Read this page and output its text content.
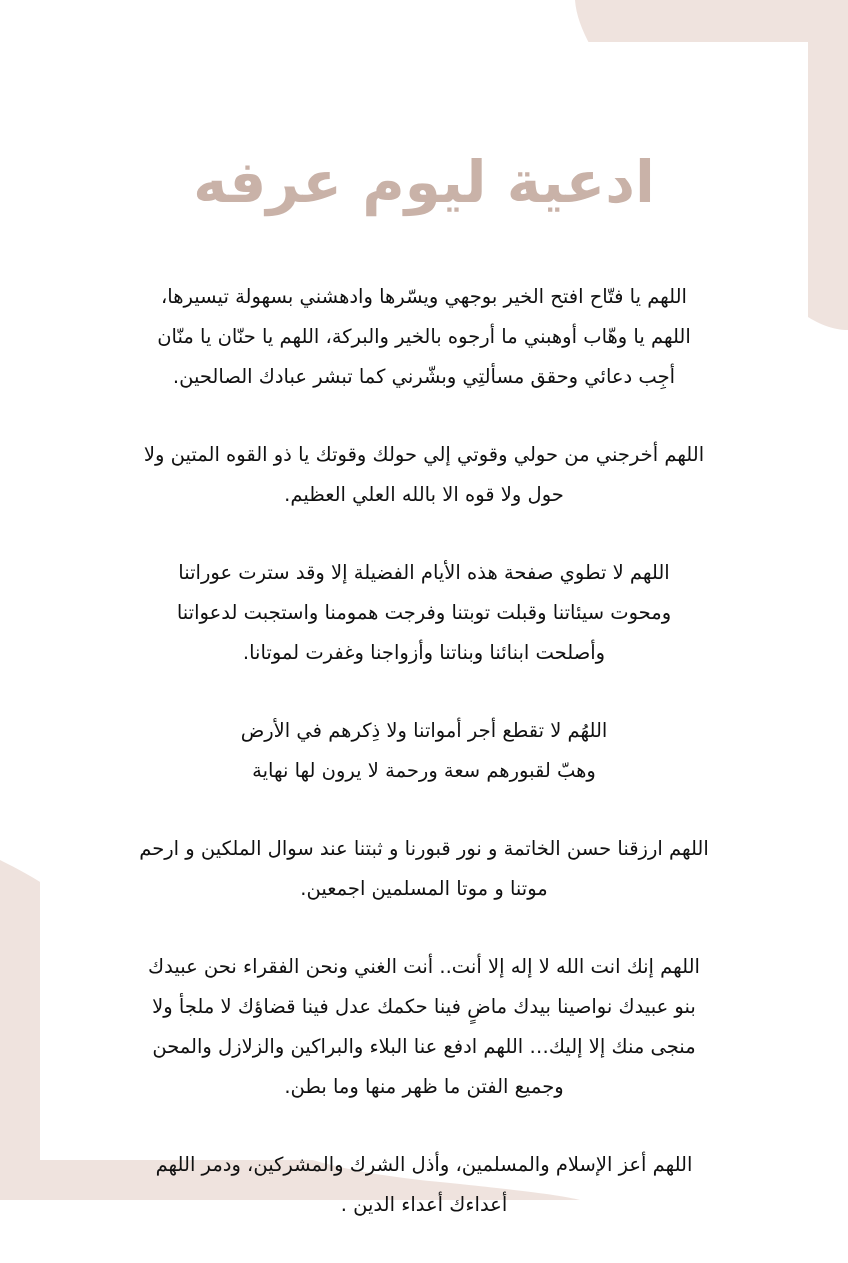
ادعية ليوم عرفه

اللهم يا فتّاح افتح الخير بوجهي ويسّرها وادهشني بسهولة تيسيرها،
اللهم يا وهّاب أوهبني ما أرجوه بالخير والبركة، اللهم يا حنّان يا منّان
أجِب دعائي وحقق مسألتِي وبشّرني كما تبشر عبادك الصالحين.

اللهم أخرجني من حولي وقوتي إلي حولك وقوتك يا ذو القوه المتين ولا
حول ولا قوه الا بالله العلي العظيم.

اللهم لا تطوي صفحة هذه الأيام الفضيلة إلا وقد سترت عوراتنا
ومحوت سيئاتنا وقبلت توبتنا وفرجت همومنا واستجبت لدعواتنا
وأصلحت ابنائنا وبناتنا وأزواجنا وغفرت لموتانا.

اللهُم لا تقطع أجر أمواتنا ولا ذِكرهم في الأرض
وهبّ لقبورهم سعة ورحمة لا يرون لها نهاية

اللهم ارزقنا حسن الخاتمة و نور قبورنا و ثبتنا عند سوال الملكين و ارحم
موتنا و موتا المسلمين اجمعين.

اللهم إنك انت الله لا إله إلا أنت.. أنت الغني ونحن الفقراء نحن عبيدك
بنو عبيدك نواصينا بيدك ماضٍ فينا حكمك عدل فينا قضاؤك لا ملجأ ولا
منجى منك إلا إليك… اللهم ادفع عنا البلاء والبراكين والزلازل والمحن
وجميع الفتن ما ظهر منها وما بطن.

اللهم أعز الإسلام والمسلمين، وأذل الشرك والمشركين، ودمر اللهم
أعداءك أعداء الدين .
